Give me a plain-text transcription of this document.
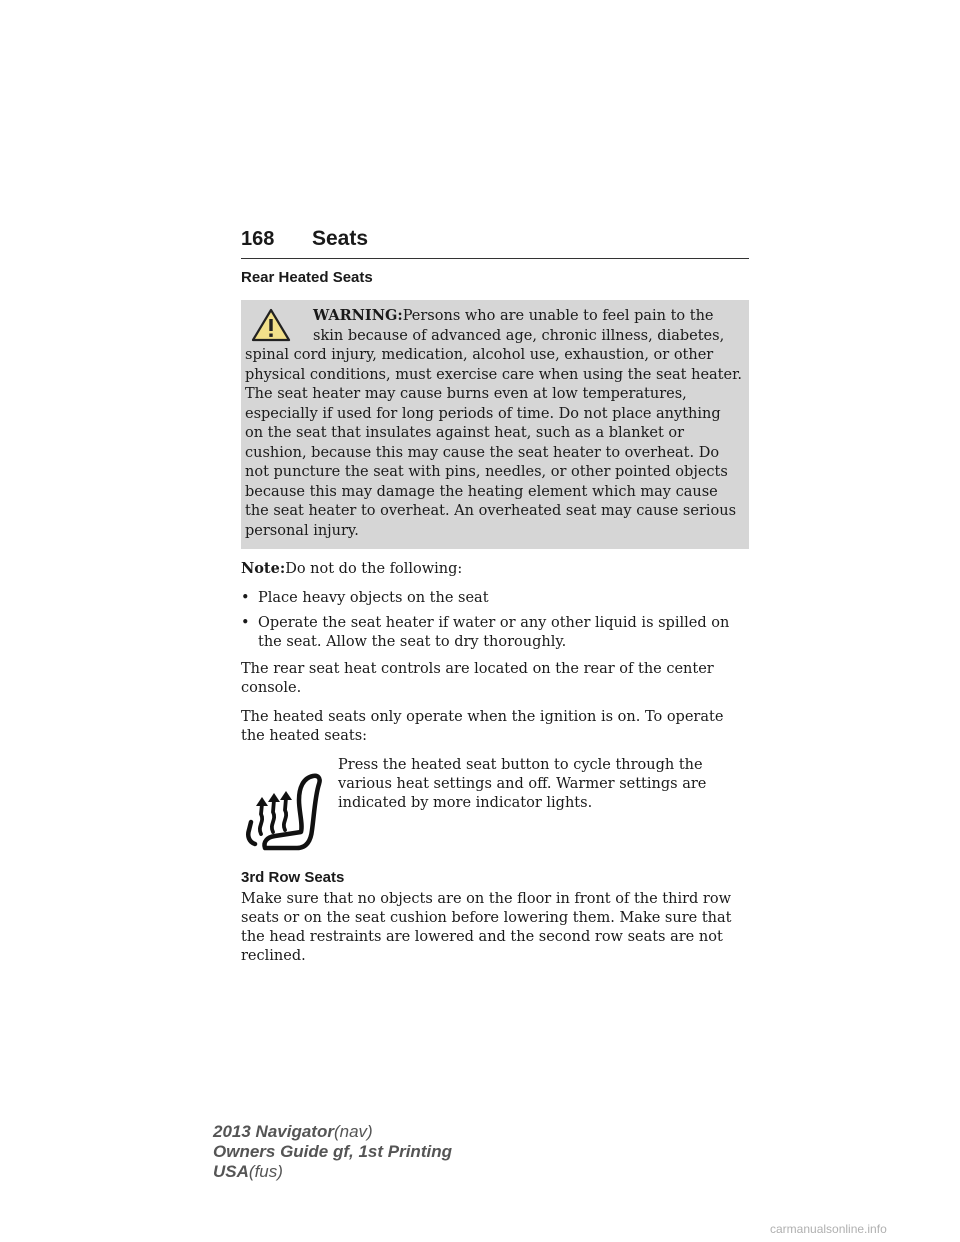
168 Seats
Rear Heated Seats
WARNING:Persons who are unable to feel pain to the skin because of advanced age, chronic illness, diabetes, spinal cord injury, medication, alcohol use, exhaustion, or other physical conditions, must exercise care when using the seat heater. The seat heater may cause burns even at low temperatures, especially if used for long periods of time. Do not place anything on the seat that insulates against heat, such as a blanket or cushion, because this may cause the seat heater to overheat. Do not puncture the seat with pins, needles, or other pointed objects because this may damage the heating element which may cause the seat heater to overheat. An overheated seat may cause serious personal injury.

Note:Do not do the following:

• Place heavy objects on the seat
• Operate the seat heater if water or any other liquid is spilled on the seat. Allow the seat to dry thoroughly.

The rear seat heat controls are located on the rear of the center console.

The heated seats only operate when the ignition is on. To operate the heated seats:

Press the heated seat button to cycle through the various heat settings and off. Warmer settings are indicated by more indicator lights.
3rd Row Seats

Make sure that no objects are on the floor in front of the third row seats or on the seat cushion before lowering them. Make sure that the head restraints are lowered and the second row seats are not reclined.

2013 Navigator(nav)
Owners Guide gf, 1st Printing
USA(fus)
carmanualsonline.info
